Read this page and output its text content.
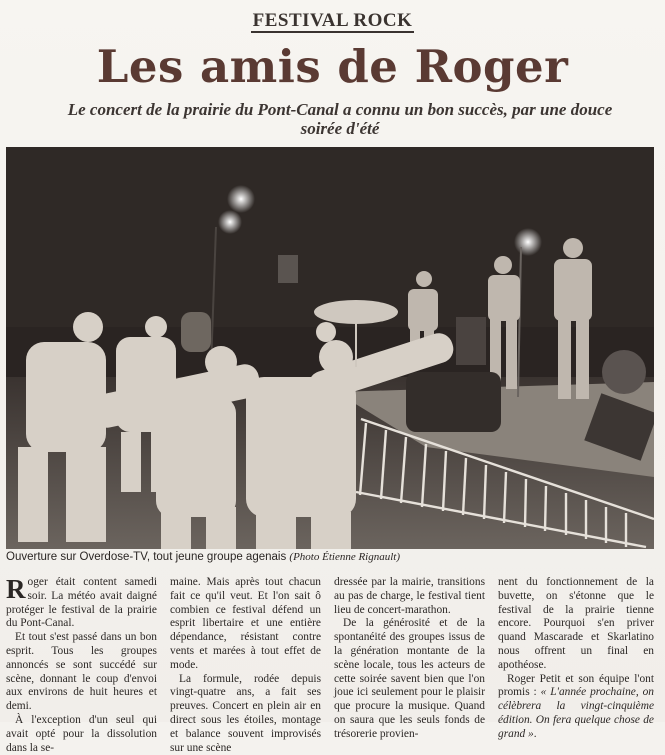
FESTIVAL ROCK
Les amis de Roger
Le concert de la prairie du Pont-Canal a connu un bon succès, par une douce soirée d'été
Ouverture sur Overdose-TV, tout jeune groupe agenais (Photo Étienne Rignault)

Roger était content samedi soir. La météo avait daigné protéger le festival de la prairie du Pont-Canal.

Et tout s'est passé dans un bon esprit. Tous les groupes annoncés se sont succédé sur scène, donnant le coup d'envoi aux environs de huit heures et demi.

À l'exception d'un seul qui avait opté pour la dissolution dans la se-

maine. Mais après tout chacun fait ce qu'il veut. Et l'on sait ô combien ce festival défend un esprit libertaire et une entière dépendance, résistant contre vents et marées à tout effet de mode.

La formule, rodée depuis vingt-quatre ans, a fait ses preuves. Concert en plein air en direct sous les étoiles, montage et balance souvent improvisés sur une scène

dressée par la mairie, transitions au pas de charge, le festival tient lieu de concert-marathon.

De la générosité et de la spontanéité des groupes issus de la génération montante de la scène locale, tous les acteurs de cette soirée savent bien que l'on joue ici seulement pour le plaisir que procure la musique. Quand on saura que les seuls fonds de trésorerie provien-

nent du fonctionnement de la buvette, on s'étonne que le festival de la prairie tienne encore. Pourquoi s'en priver quand Mascarade et Skarlatino nous offrent un final en apothéose.

Roger Petit et son équipe l'ont promis : « L'année prochaine, on célèbrera la vingt-cinquième édition. On fera quelque chose de grand ».
